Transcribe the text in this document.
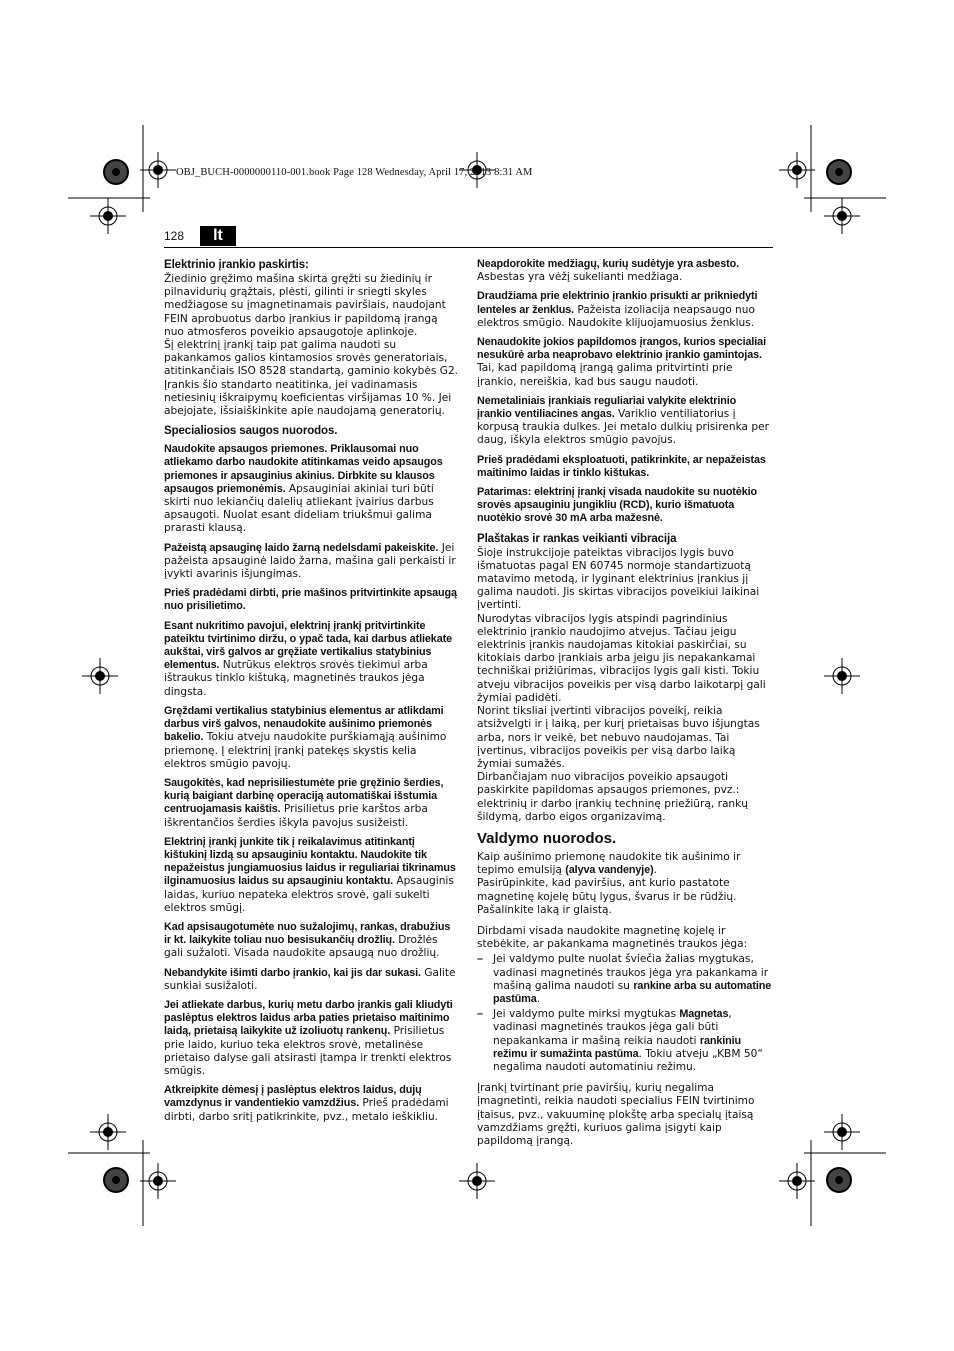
OBJ_BUCH-0000000110-001.book Page 128 Wednesday, April 17, 2013 8:31 AM
128	lt
Elektrinio įrankio paskirtis:

Žiedinio gręžimo mašina skirta gręžti su žiedinių ir pilnavidurių grąžtais, plėsti, gilinti ir sriegti skyles medžiagose su įmagnetinamais paviršiais, naudojant FEIN aprobuotus darbo įrankius ir papildomą įrangą nuo atmosferos poveikio apsaugotoje aplinkoje.

Šį elektrinį įrankį taip pat galima naudoti su pakankamos galios kintamosios srovės generatoriais, atitinkančiais ISO 8528 standartą, gaminio kokybės G2. Įrankis šio standarto neatitinka, jei vadinamasis netiesinių iškraipymų koeficientas viršijamas 10 %. Jei abejojate, išsiaiškinkite apie naudojamą generatorių.

Specialiosios saugos nuorodos.

Naudokite apsaugos priemones. Priklausomai nuo atliekamo darbo naudokite atitinkamas veido apsaugos priemones ir apsauginius akinius. Dirbkite su klausos apsaugos priemonėmis. Apsauginiai akiniai turi būti skirti nuo lekiančių dalelių atliekant įvairius darbus apsaugoti. Nuolat esant dideliam triukšmui galima prarasti klausą.

Pažeistą apsauginę laido žarną nedelsdami pakeiskite. Jei pažeista apsauginė laido žarna, mašina gali perkaisti ir įvykti avarinis išjungimas.

Prieš pradėdami dirbti, prie mašinos pritvirtinkite apsaugą nuo prisilietimo.

Esant nukritimo pavojui, elektrinį įrankį pritvirtinkite pateiktu tvirtinimo diržu, o ypač tada, kai darbus atliekate aukštai, virš galvos ar gręžiate vertikalius statybinius elementus. Nutrūkus elektros srovės tiekimui arba ištraukus tinklo kištuką, magnetinės traukos jėga dingsta.

Gręždami vertikalius statybinius elementus ar atlikdami darbus virš galvos, nenaudokite aušinimo priemonės bakelio. Tokiu atveju naudokite purškiamąją aušinimo priemonę. Į elektrinį įrankį patekęs skystis kelia elektros smūgio pavojų.

Saugokitės, kad neprisiliestumėte prie gręžinio šerdies, kurią baigiant darbinę operaciją automatiškai išstumia centruojamasis kaištis. Prisilietus prie karštos arba iškrentančios šerdies iškyla pavojus susižeisti.

Elektrinį įrankį junkite tik į reikalavimus atitinkantį kištukinį lizdą su apsauginiu kontaktu. Naudokite tik nepažeistus jungiamuosius laidus ir reguliariai tikrinamus ilginamuosius laidus su apsauginiu kontaktu. Apsauginis laidas, kuriuo nepateka elektros srovė, gali sukelti elektros smūgį.

Kad apsisaugotumėte nuo sužalojimų, rankas, drabužius ir kt. laikykite toliau nuo besisukančių drožlių. Drožlės gali sužaloti. Visada naudokite apsaugą nuo drožlių.

Nebandykite išimti darbo įrankio, kai jis dar sukasi. Galite sunkiai susižaloti.

Jei atliekate darbus, kurių metu darbo įrankis gali kliudyti paslėptus elektros laidus arba paties prietaiso maitinimo laidą, prietaisą laikykite už izoliuotų rankenų. Prisilietus prie laido, kuriuo teka elektros srovė, metalinėse prietaiso dalyse gali atsirasti įtampa ir trenkti elektros smūgis.

Atkreipkite dėmesį į paslėptus elektros laidus, dujų vamzdynus ir vandentiekio vamzdžius. Prieš pradėdami dirbti, darbo sritį patikrinkite, pvz., metalo ieškikliu.

Neapdorokite medžiagų, kurių sudėtyje yra asbesto. Asbestas yra vėžį sukelianti medžiaga.

Draudžiama prie elektrinio įrankio prisukti ar prikniedyti lenteles ar ženklus. Pažeista izoliacija neapsaugo nuo elektros smūgio. Naudokite klijuojamuosius ženklus.

Nenaudokite jokios papildomos įrangos, kurios specialiai nesukūrė arba neaprobavo elektrinio įrankio gamintojas. Tai, kad papildomą įrangą galima pritvirtinti prie įrankio, nereiškia, kad bus saugu naudoti.

Nemetaliniais įrankiais reguliariai valykite elektrinio įrankio ventiliacines angas. Variklio ventiliatorius į korpusą traukia dulkes. Jei metalo dulkių prisirenka per daug, iškyla elektros smūgio pavojus.

Prieš pradėdami eksploatuoti, patikrinkite, ar nepažeistas maitinimo laidas ir tinklo kištukas.

Patarimas: elektrinį įrankį visada naudokite su nuotėkio srovės apsauginiu jungikliu (RCD), kurio išmatuota nuotėkio srovė 30 mA arba mažesnė.

Plaštakas ir rankas veikianti vibracija

Šioje instrukcijoje pateiktas vibracijos lygis buvo išmatuotas pagal EN 60745 normoje standartizuotą matavimo metodą, ir lyginant elektrinius įrankius jį galima naudoti. Jis skirtas vibracijos poveikiui laikinai įvertinti.

Nurodytas vibracijos lygis atspindi pagrindinius elektrinio įrankio naudojimo atvejus. Tačiau jeigu elektrinis įrankis naudojamas kitokiai paskirčiai, su kitokiais darbo įrankiais arba jeigu jis nepakankamai techniškai prižiūrimas, vibracijos lygis gali kisti. Tokiu atveju vibracijos poveikis per visą darbo laikotarpį gali žymiai padidėti.

Norint tiksliai įvertinti vibracijos poveikį, reikia atsižvelgti ir į laiką, per kurį prietaisas buvo išjungtas arba, nors ir veikė, bet nebuvo naudojamas. Tai įvertinus, vibracijos poveikis per visą darbo laiką žymiai sumažės.

Dirbančiajam nuo vibracijos poveikio apsaugoti paskirkite papildomas apsaugos priemones, pvz.: elektrinių ir darbo įrankių techninę priežiūrą, rankų šildymą, darbo eigos organizavimą.

Valdymo nuorodos.

Kaip aušinimo priemonę naudokite tik aušinimo ir tepimo emulsiją (alyva vandenyje).

Pasirūpinkite, kad paviršius, ant kurio pastatote magnetinę kojelę būtų lygus, švarus ir be rūdžių. Pašalinkite laką ir glaistą.

Dirbdami visada naudokite magnetinę kojelę ir stebėkite, ar pakankama magnetinės traukos jėga:

– Jei valdymo pulte nuolat šviečia žalias mygtukas, vadinasi magnetinės traukos jėga yra pakankama ir mašiną galima naudoti su rankine arba su automatine pastūma.
– Jei valdymo pulte mirksi mygtukas Magnetas, vadinasi magnetinės traukos jėga gali būti nepakankama ir mašiną reikia naudoti rankiniu režimu ir sumažinta pastūma. Tokiu atveju „KBM 50“ negalima naudoti automatiniu režimu.

Įrankį tvirtinant prie paviršių, kurių negalima įmagnetinti, reikia naudoti specialius FEIN tvirtinimo įtaisus, pvz., vakuuminę plokštę arba specialų įtaisą vamzdžiams gręžti, kuriuos galima įsigyti kaip papildomą įrangą.
